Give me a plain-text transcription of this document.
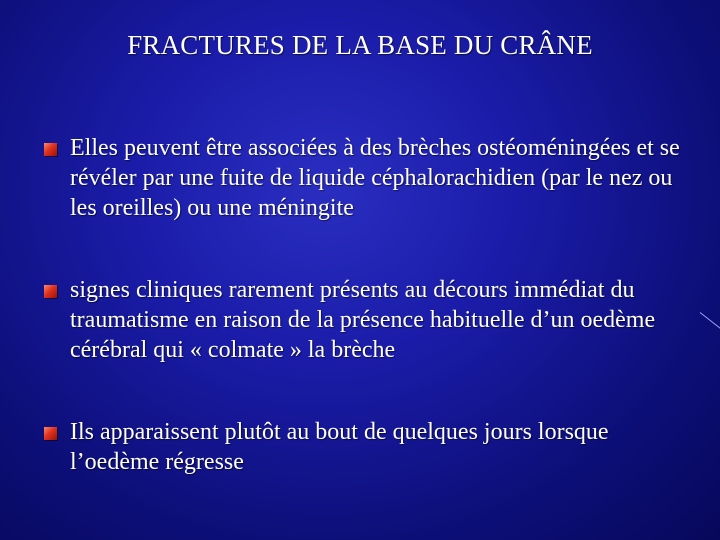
FRACTURES DE LA BASE DU CRÂNE
Elles peuvent être associées à des brèches ostéoméningées et se révéler par une fuite de liquide céphalorachidien (par le nez ou les oreilles) ou une méningite
signes cliniques rarement présents au décours immédiat du traumatisme en raison de la présence habituelle d’un oedème cérébral qui « colmate » la brèche
Ils apparaissent plutôt au bout de quelques jours lorsque l’oedème régresse
